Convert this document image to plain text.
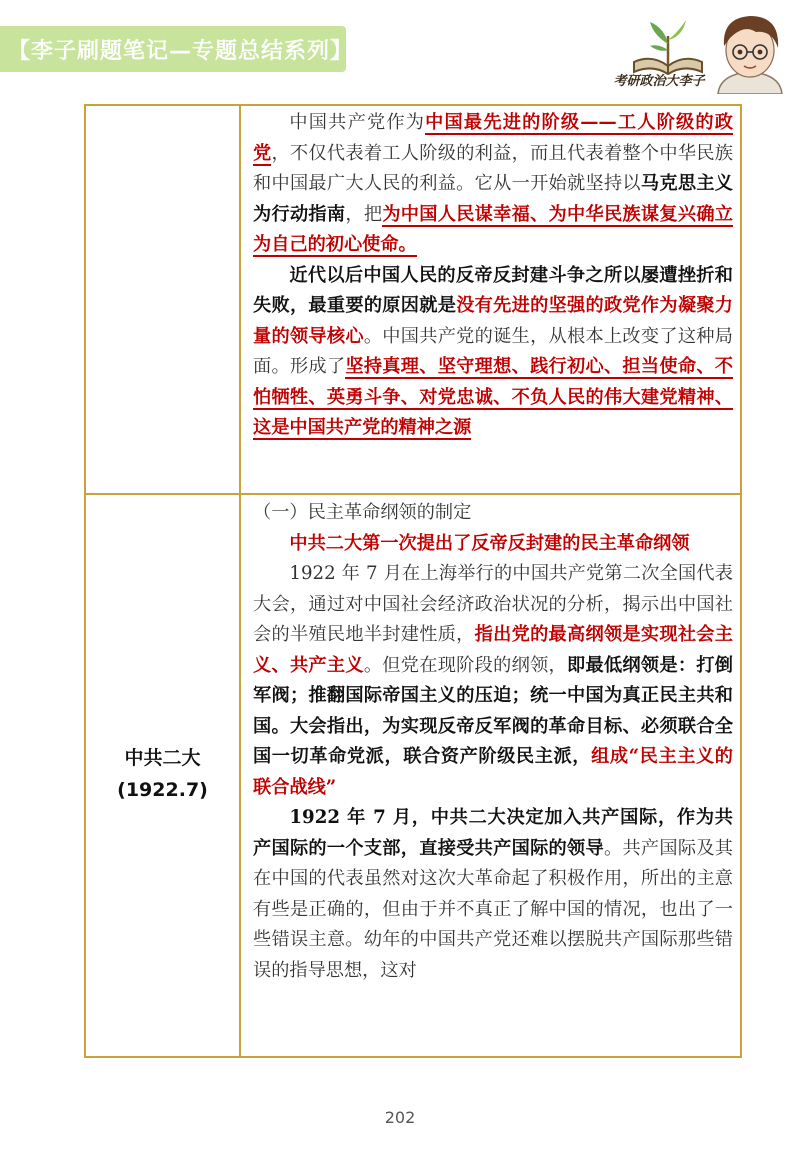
【李子刷题笔记—专题总结系列】
考研政治大李子

中国共产党作为中国最先进的阶级——工人阶级的政党，不仅代表着工人阶级的利益，而且代表着整个中华民族和中国最广大人民的利益。它从一开始就坚持以马克思主义为行动指南，把为中国人民谋幸福、为中华民族谋复兴确立为自己的初心使命。

近代以后中国人民的反帝反封建斗争之所以屡遭挫折和失败，最重要的原因就是没有先进的坚强的政党作为凝聚力量的领导核心。中国共产党的诞生，从根本上改变了这种局面。形成了坚持真理、坚守理想、践行初心、担当使命、不怕牺牲、英勇斗争、对党忠诚、不负人民的伟大建党精神、这是中国共产党的精神之源

中共二大
(1922.7)

（一）民主革命纲领的制定

中共二大第一次提出了反帝反封建的民主革命纲领

1922 年 7 月在上海举行的中国共产党第二次全国代表大会，通过对中国社会经济政治状况的分析，揭示出中国社会的半殖民地半封建性质，指出党的最高纲领是实现社会主义、共产主义。但党在现阶段的纲领，即最低纲领是：打倒军阀；推翻国际帝国主义的压迫；统一中国为真正民主共和国。大会指出，为实现反帝反军阀的革命目标、必须联合全国一切革命党派，联合资产阶级民主派，组成“民主主义的联合战线”

1922 年 7 月，中共二大决定加入共产国际，作为共产国际的一个支部，直接受共产国际的领导。共产国际及其在中国的代表虽然对这次大革命起了积极作用，所出的主意有些是正确的，但由于并不真正了解中国的情况，也出了一些错误主意。幼年的中国共产党还难以摆脱共产国际那些错误的指导思想，这对

202
